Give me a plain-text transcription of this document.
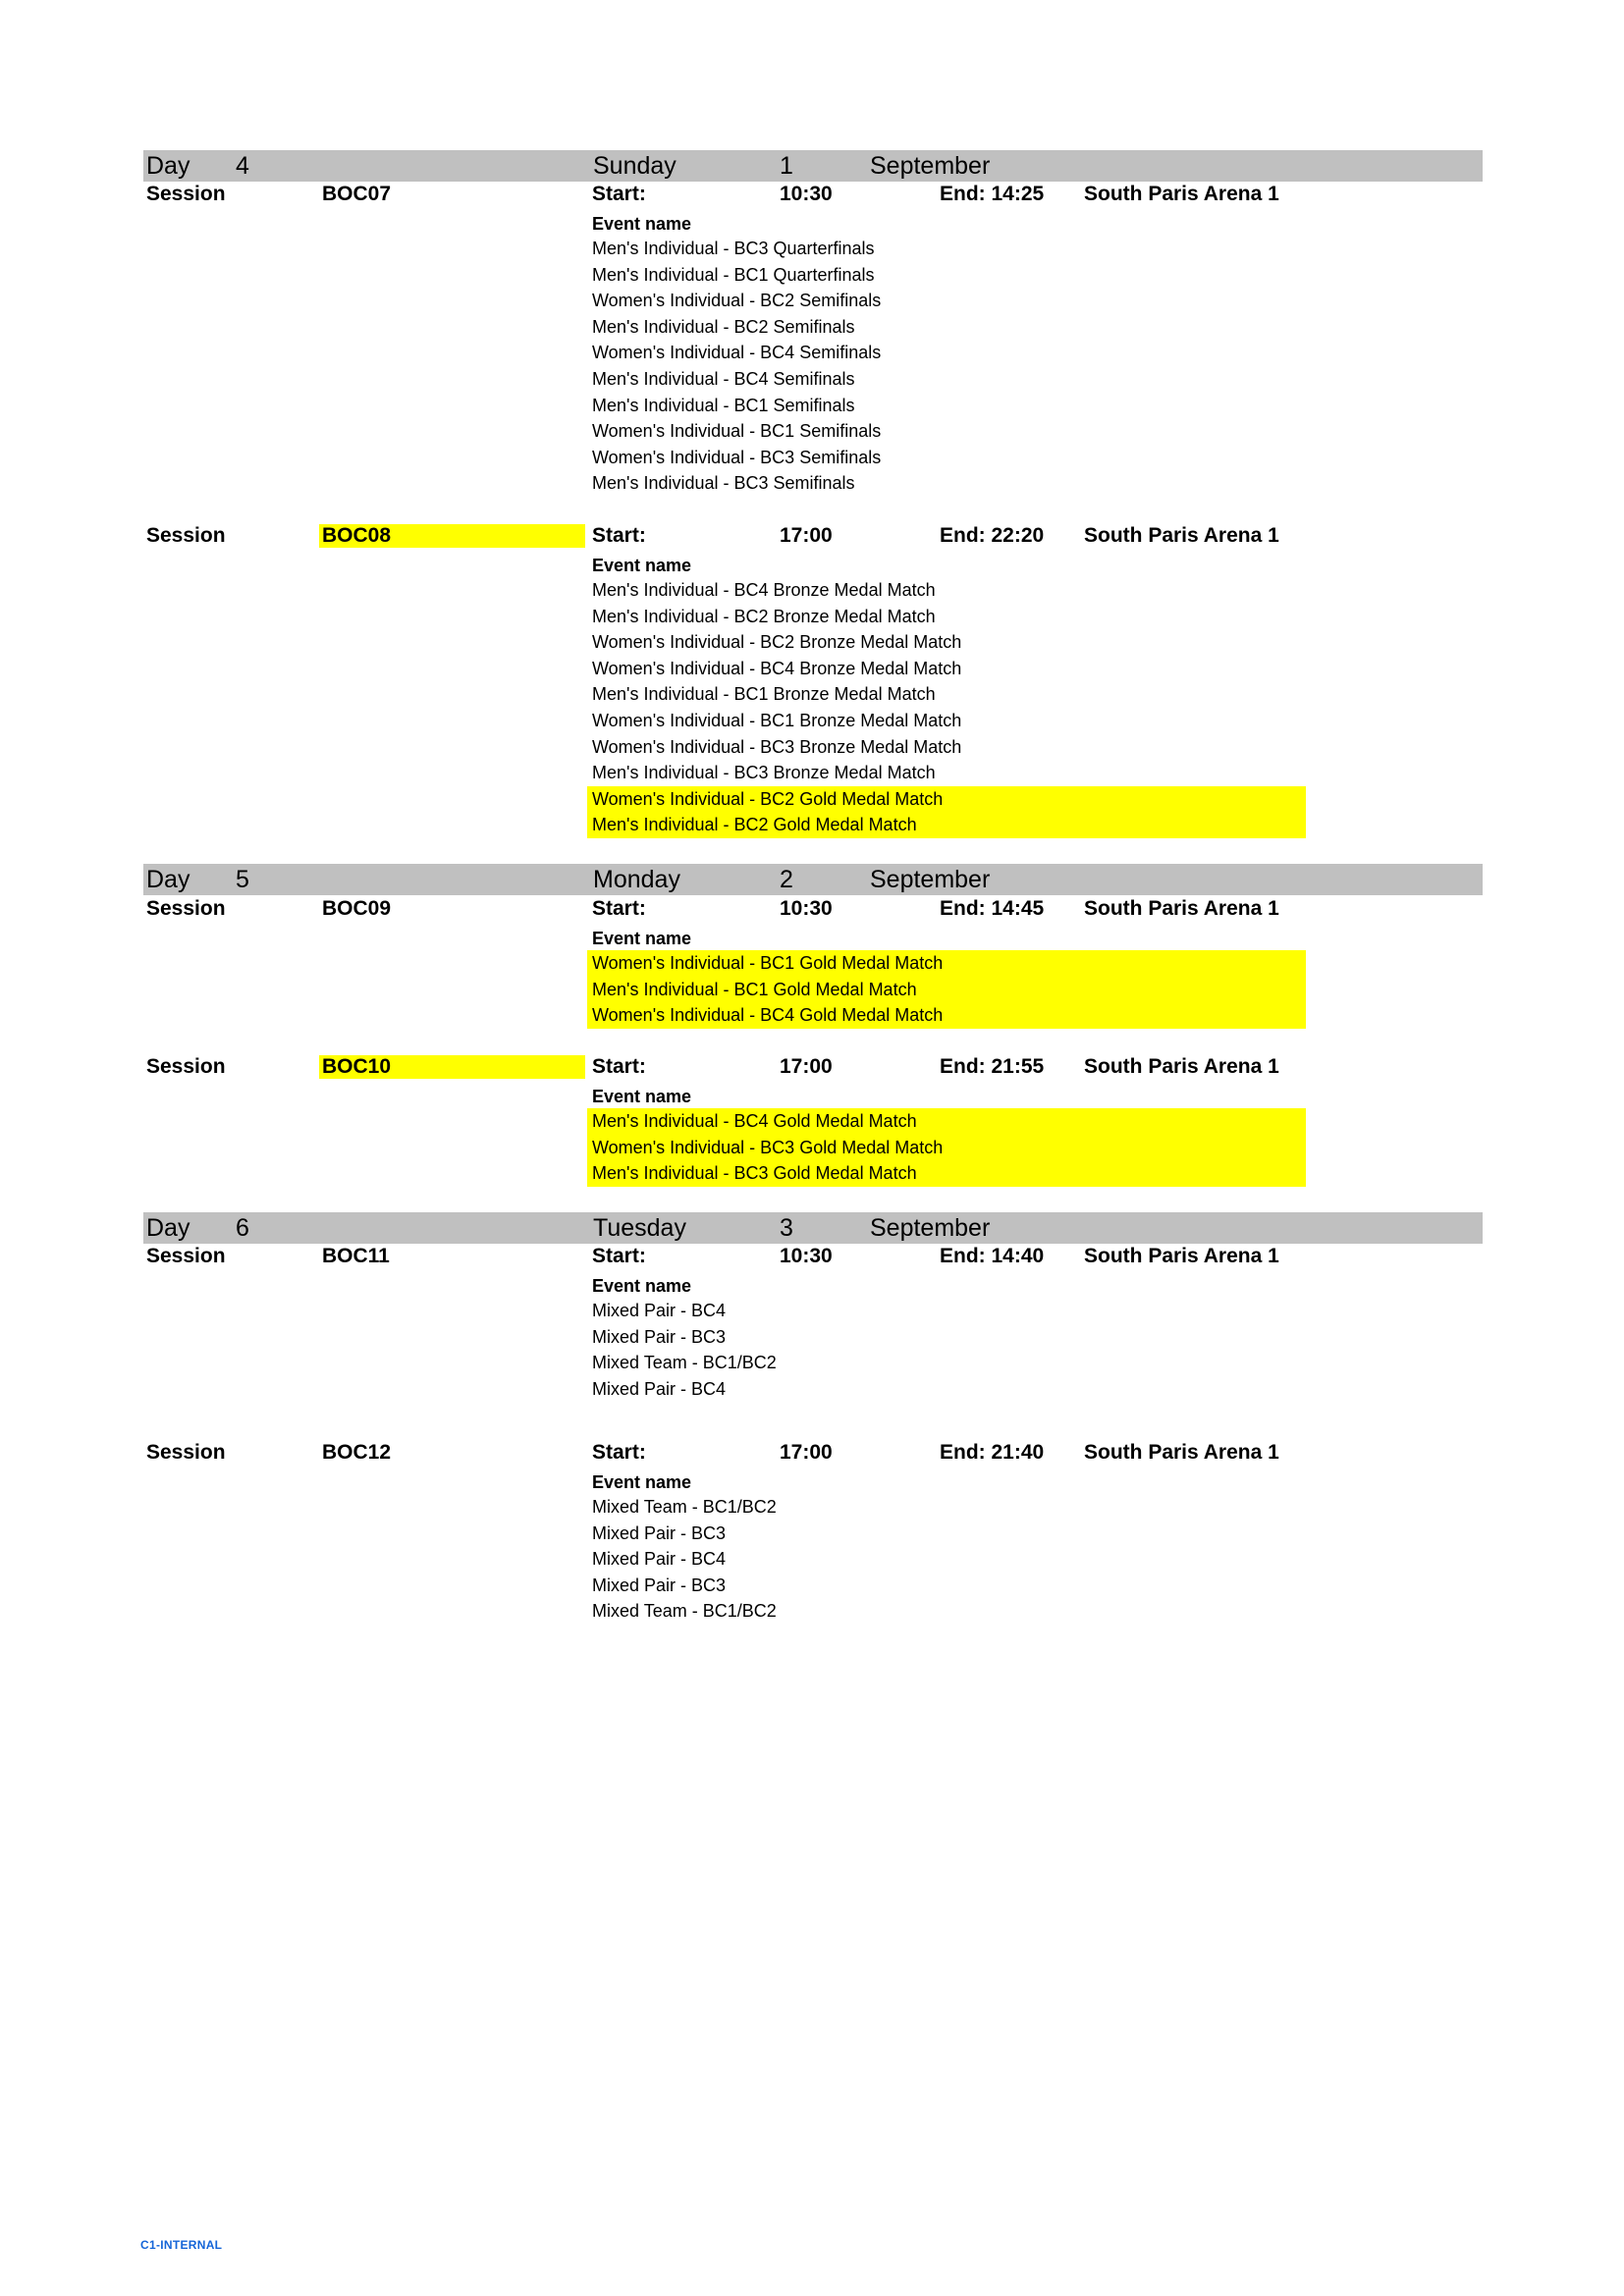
Day 4	Sunday	1	September
Session	BOC07	Start:	10:30	End: 14:25 South Paris Arena 1
Event name
Men's Individual - BC3 Quarterfinals
Men's Individual - BC1 Quarterfinals
Women's Individual - BC2 Semifinals
Men's Individual - BC2 Semifinals
Women's Individual - BC4 Semifinals
Men's Individual - BC4 Semifinals
Men's Individual - BC1 Semifinals
Women's Individual - BC1 Semifinals
Women's Individual - BC3 Semifinals
Men's Individual - BC3 Semifinals
Session	BOC08	Start:	17:00	End: 22:20 South Paris Arena 1
Event name
Men's Individual - BC4 Bronze Medal Match
Men's Individual - BC2 Bronze Medal Match
Women's Individual - BC2 Bronze Medal Match
Women's Individual - BC4 Bronze Medal Match
Men's Individual - BC1 Bronze Medal Match
Women's Individual - BC1 Bronze Medal Match
Women's Individual - BC3 Bronze Medal Match
Men's Individual - BC3 Bronze Medal Match
Women's Individual - BC2 Gold Medal Match
Men's Individual - BC2 Gold Medal Match
Day 5	Monday	2	September
Session	BOC09	Start:	10:30	End: 14:45 South Paris Arena 1
Event name
Women's Individual - BC1 Gold Medal Match
Men's Individual - BC1 Gold Medal Match
Women's Individual - BC4 Gold Medal Match
Session	BOC10	Start:	17:00	End: 21:55 South Paris Arena 1
Event name
Men's Individual - BC4 Gold Medal Match
Women's Individual - BC3 Gold Medal Match
Men's Individual - BC3 Gold Medal Match
Day 6	Tuesday	3	September
Session	BOC11	Start:	10:30	End: 14:40 South Paris Arena 1
Event name
Mixed Pair - BC4
Mixed Pair - BC3
Mixed Team - BC1/BC2
Mixed Pair - BC4
Session	BOC12	Start:	17:00	End: 21:40 South Paris Arena 1
Event name
Mixed Team - BC1/BC2
Mixed Pair - BC3
Mixed Pair - BC4
Mixed Pair - BC3
Mixed Team - BC1/BC2
C1-INTERNAL
